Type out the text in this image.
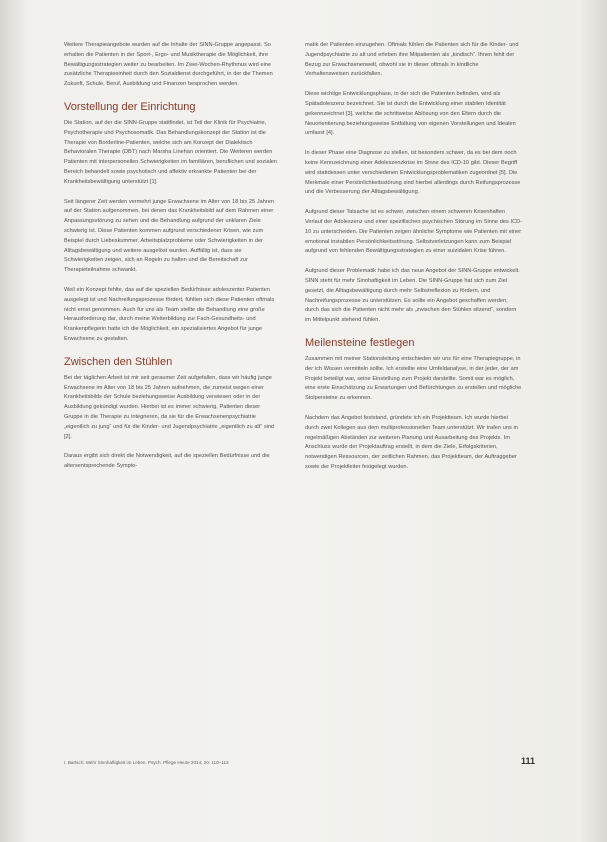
Weitere Therapieangebote wurden auf die Inhalte der SINN-Gruppe angepasst. So erhalten die Patienten in der Sport-, Ergo- und Musiktherapie die Möglichkeit, ihre Bewältigungsstrategien weiter zu bearbeiten. Im Zwei-Wochen-Rhythmus wird eine zusätzliche Therapieeinheit durch den Sozialdienst durchgeführt, in der die Themen Zukunft, Schule, Beruf, Ausbildung und Finanzen besprochen werden.

Vorstellung der Einrichtung

Die Station, auf der die SINN-Gruppe stattfindet, ist Teil der Klinik für Psychiatrie, Psychotherapie und Psychosomatik. Das Behandlungskonzept der Station ist die Therapie von Borderline-Patienten, welche sich am Konzept der Dialektisch Behavioralen Therapie (DBT) nach Marsha Linehan orientiert. Die Weiteren werden Patienten mit interpersonellen Schwierigkeiten im familiären, beruflichen und sozialen Bereich behandelt sowie psychotisch und affektiv erkrankte Patienten bei der Krankheitsbewältigung unterstützt [1].

Seit längerer Zeit werden vermehrt junge Erwachsene im Alter von 18 bis 25 Jahren auf der Station aufgenommen, bei denen das Krankheitsbild auf dem Rahmen einer Anpassungsstörung zu sehen und die Behandlung aufgrund der unklaren Ziele schwierig ist. Diese Patienten kommen aufgrund verschiedener Krisen, wie zum Beispiel durch Liebeskummer, Arbeitsplatzprobleme oder Schwierigkeiten in der Alltagsbewältigung und weitere ausgelöst wurden. Auffällig ist, dass sie Schwierigkeiten zeigen, sich an Regeln zu halten und die Bereitschaft zur Therapieteilnahme schwankt.

Weil ein Konzept fehlte, das auf die speziellen Bedürfnisse adoleszenter Patienten ausgelegt ist und Nachreifungsprozesse fördert, fühlten sich diese Patienten oftmals nicht ernst genommen. Auch für uns als Team stellte die Behandlung eine große Herausforderung dar, durch meine Weiterbildung zur Fach-Gesundheits- und Krankenpflegerin hatte ich die Möglichkeit, ein spezialisiertes Angebot für junge Erwachsene zu gestalten.

Zwischen den Stühlen

Bei der täglichen Arbeit ist mir seit geraumer Zeit aufgefallen, dass wir häufig junge Erwachsene im Alter von 18 bis 25 Jahren aufnehmen, die zumeist wegen einer Krankheitsbilds der Schule beziehungsweise Ausbildung verwiesen oder in der Ausbildung gekündigt wurden. Hierbei ist es immer schwierig, Patienten dieser Gruppe in die Therapie zu integrieren, da sie für die Erwachsenenpsychiatrie „eigentlich zu jung“ und für die Kinder- und Jugendpsychiatrie „eigentlich zu alt“ sind [2].

Daraus ergibt sich direkt die Notwendigkeit, auf die speziellen Bedürfnisse und die altersentsprechende Sympto-

matik der Patienten einzugehen. Oftmals fühlen die Patienten sich für die Kinder- und Jugendpsychiatrie zu alt und erleben ihre Mitpatienten als „kindisch“. Ihnen fehlt der Bezug zur Erwachsenenwelt, obwohl sie in dieser oftmals in kindliche Verhaltensweisen zurückfallen.

Diese wichtige Entwicklungsphase, in der sich die Patienten befinden, wird als Spätadoleszenz bezeichnet. Sie ist durch die Entwicklung einer stabilen Identität gekennzeichnet [3], welche die schrittweise Ablösung von den Eltern durch die Neuorientierung beziehungsweise Entfaltung von eigenen Vorstellungen und Idealen umfasst [4].

In dieser Phase eine Diagnose zu stellen, ist besonders schwer, da es bei dem noch keine Kennzeichnung einer Adoleszenzkrise im Sinne des ICD-10 gibt. Dieser Begriff wird stattdessen unter verschiedenen Entwicklungsproblematiken zugeordnet [5]. Die Merkmale einer Persönlichkeitsstörung sind hierbei allerdings durch Reifungsprozesse und die Verbesserung der Alltagsbewältigung.

Aufgrund dieser Tatsache ist es schwer, zwischen einem schweren Krisenhaften Verlauf der Adoleszenz und einer spezifischen psychischen Störung im Sinne des ICD-10 zu unterscheiden. Die Patienten zeigen ähnliche Symptome wie Patienten mit einer emotional instabilen Persönlichkeitsstörung. Selbstverletzungen kann zum Beispiel aufgrund von fehlenden Bewältigungsstrategien zu einer suizidalen Krise führen.

Aufgrund dieser Problematik habe ich das neue Angebot der SINN-Gruppe entwickelt. SINN steht für mehr Sinnhaftigkeit im Leben. Die SINN-Gruppe hat sich zum Ziel gesetzt, die Alltagsbewältigung durch mehr Selbstreflexion zu fördern, und Nachreifungsprozesse zu unterstützen. Es sollte ein Angebot geschaffen werden, durch das sich die Patienten nicht mehr als „zwischen den Stühlen sitzend“, sondern im Mittelpunkt stehend fühlen.

Meilensteine festlegen

Zusammen mit meiner Stationsleitung entschieden wir uns für eine Therapiegruppe, in der ich Wissen vermitteln sollte. Ich erstellte eine Umfeldanalyse, in der jeder, der am Projekt beteiligt war, seine Einstellung zum Projekt darstellte. Somit war es möglich, eine erste Einschätzung zu Erwartungen und Befürchtungen zu erstellen und mögliche Stolpersteine zu erkennen.

Nachdem das Angebot feststand, gründete ich ein Projektteam. Ich wurde hierbei durch zwei Kollegen aus dem multiprofessionellen Team unterstützt. Wir trafen uns in regelmäßigen Abständen zur weiteren Planung und Ausarbeitung des Projekts. Im Anschluss wurde der Projektauftrag erstellt, in dem die Ziele, Erfolgskriterien, notwendigen Ressourcen, der zeitlichen Rahmen, das Projektteam, der Auftraggeber sowie der Projektleiter festgelegt wurden.

I. Bartsch: Mehr Sinnhaftigkeit im Leben. Psych. Pflege Heute 2014; 20: 110–113	111
